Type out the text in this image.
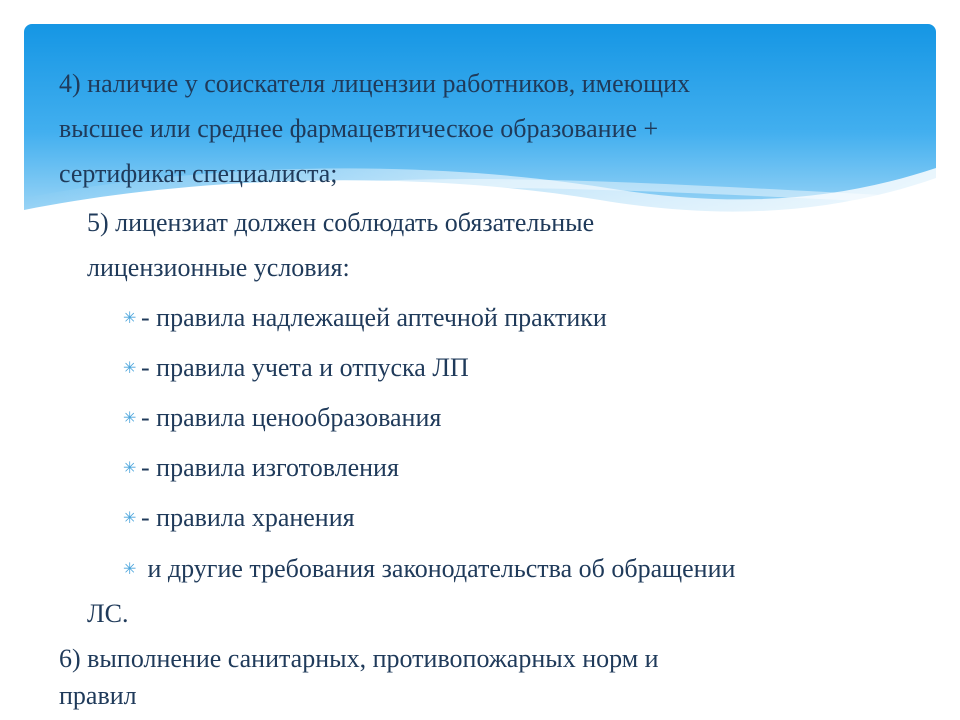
4) наличие у соискателя лицензии работников, имеющих
высшее или среднее фармацевтическое образование +
сертификат специалиста;
5) лицензиат должен соблюдать обязательные
лицензионные условия:
✳ - правила надлежащей аптечной практики
✳ - правила учета и отпуска ЛП
✳ - правила ценообразования
✳ - правила изготовления
✳ - правила хранения
✳ и другие требования законодательства об обращении
ЛС.
6) выполнение санитарных, противопожарных норм и
правил
